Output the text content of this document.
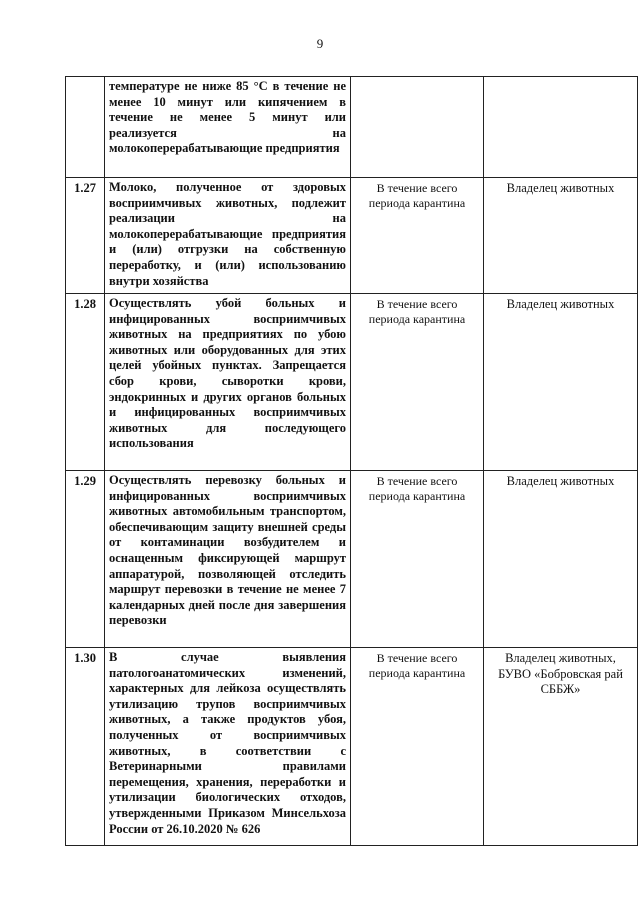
9

	температуре не ниже 85 °С в течение не менее 10 минут или кипячением в течение не менее 5 минут или реализуется на молокоперерабатывающие предприятия		

1.27	Молоко, полученное от здоровых восприимчивых животных, подлежит реализации на молокоперерабатывающие предприятия и (или) отгрузки на собственную переработку, и (или) использованию внутри хозяйства	В течение всего периода карантина	Владелец животных
1.28	Осуществлять убой больных и инфицированных восприимчивых животных на предприятиях по убою животных или оборудованных для этих целей убойных пунктах. Запрещается сбор крови, сыворотки крови, эндокринных и других органов больных и инфицированных восприимчивых животных для последующего использования	В течение всего периода карантина	Владелец животных
1.29	Осуществлять перевозку больных и инфицированных восприимчивых животных автомобильным транспортом, обеспечивающим защиту внешней среды от контаминации возбудителем и оснащенным фиксирующей маршрут аппаратурой, позволяющей отследить маршрут перевозки в течение не менее 7 календарных дней после дня завершения перевозки	В течение всего периода карантина	Владелец животных
1.30	В случае выявления патологоанатомических изменений, характерных для лейкоза осуществлять утилизацию трупов восприимчивых животных, а также продуктов убоя, полученных от восприимчивых животных, в соответствии с Ветеринарными правилами перемещения, хранения, переработки и утилизации биологических отходов, утвержденными Приказом Минсельхоза России от 26.10.2020 № 626	В течение всего периода карантина	Владелец животных, БУВО «Бобровская рай СББЖ»
